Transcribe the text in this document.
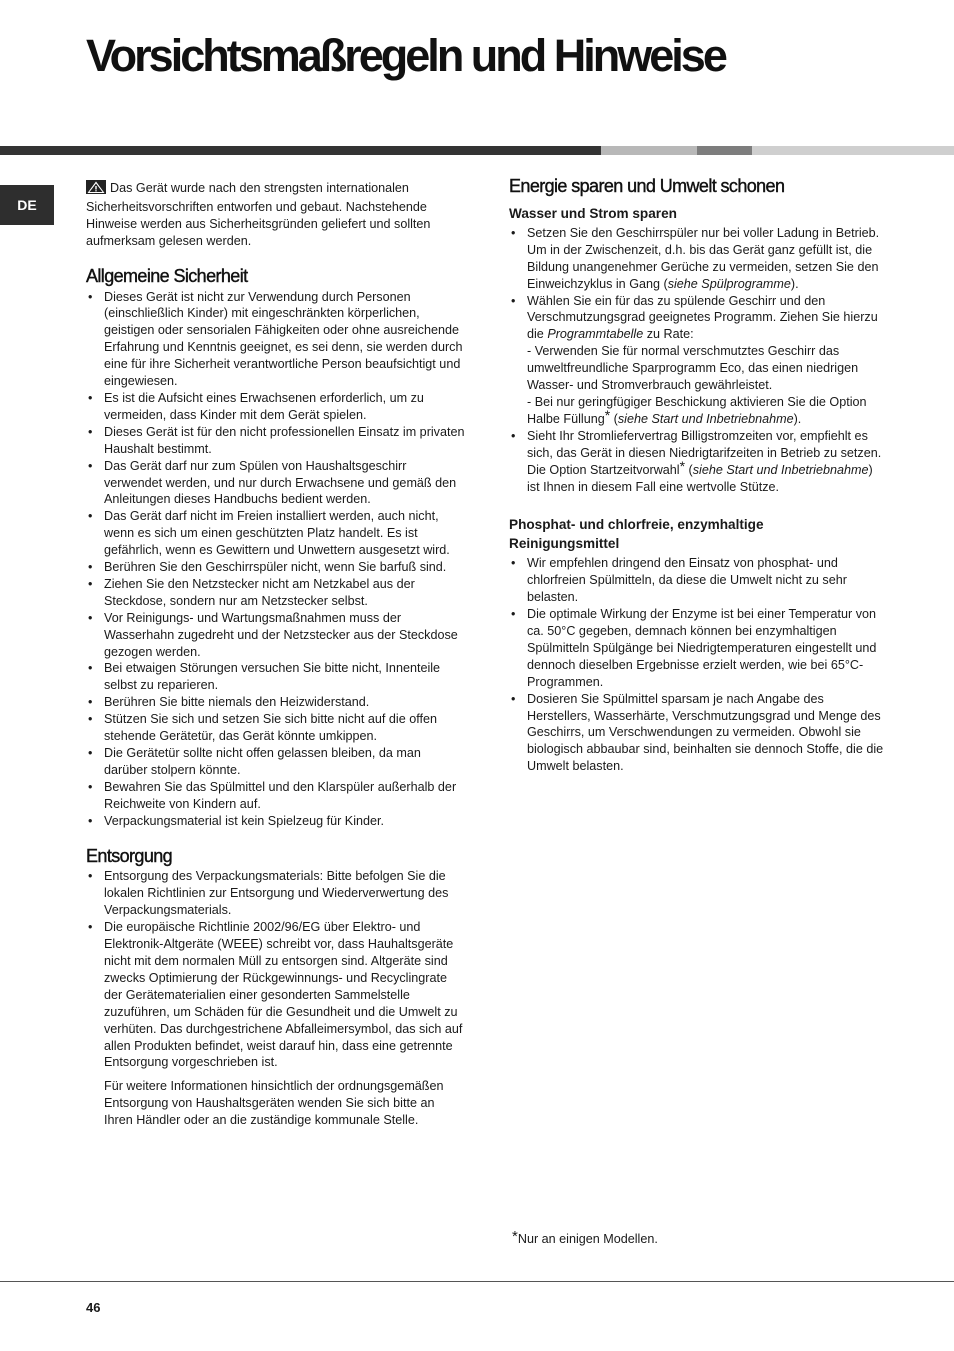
Vorsichtsmaßregeln und Hinweise
DE

Das Gerät wurde nach den strengsten internationalen Sicherheitsvorschriften entworfen und gebaut. Nachstehende Hinweise werden aus Sicherheitsgründen geliefert und sollten aufmerksam gelesen werden.

Allgemeine Sicherheit
• Dieses Gerät ist nicht zur Verwendung durch Personen (einschließlich Kinder) mit eingeschränkten körperlichen, geistigen oder sensorialen Fähigkeiten oder ohne ausreichende Erfahrung und Kenntnis geeignet, es sei denn, sie werden durch eine für ihre Sicherheit verantwortliche Person beaufsichtigt und eingewiesen.
• Es ist die Aufsicht eines Erwachsenen erforderlich, um zu vermeiden, dass Kinder mit dem Gerät spielen.
• Dieses Gerät ist für den nicht professionellen Einsatz im privaten Haushalt bestimmt.
• Das Gerät darf nur zum Spülen von Haushaltsgeschirr verwendet werden, und nur durch Erwachsene und gemäß den Anleitungen dieses Handbuchs bedient werden.
• Das Gerät darf nicht im Freien installiert werden, auch nicht, wenn es sich um einen geschützten Platz handelt. Es ist gefährlich, wenn es Gewittern und Unwettern ausgesetzt wird.
• Berühren Sie den Geschirrspüler nicht, wenn Sie barfuß sind.
• Ziehen Sie den Netzstecker nicht am Netzkabel aus der Steckdose, sondern nur am Netzstecker selbst.
• Vor Reinigungs- und Wartungsmaßnahmen muss der Wasserhahn zugedreht und der Netzstecker aus der Steckdose gezogen werden.
• Bei etwaigen Störungen versuchen Sie bitte nicht, Innenteile selbst zu reparieren.
• Berühren Sie bitte niemals den Heizwiderstand.
• Stützen Sie sich und setzen Sie sich bitte nicht auf die offen stehende Gerätetür, das Gerät könnte umkippen.
• Die Gerätetür sollte nicht offen gelassen bleiben, da man darüber stolpern könnte.
• Bewahren Sie das Spülmittel und den Klarspüler außerhalb der Reichweite von Kindern auf.
• Verpackungsmaterial ist kein Spielzeug für Kinder.
Entsorgung
• Entsorgung des Verpackungsmaterials: Bitte befolgen Sie die lokalen Richtlinien zur Entsorgung und Wiederverwertung des Verpackungsmaterials.
• Die europäische Richtlinie 2002/96/EG über Elektro- und Elektronik-Altgeräte (WEEE) schreibt vor, dass Hauhaltsgeräte nicht mit dem normalen Müll zu entsorgen sind. Altgeräte sind zwecks Optimierung der Rückgewinnungs- und Recyclingrate der Gerätematerialien einer gesonderten Sammelstelle zuzuführen, um Schäden für die Gesundheit und die Umwelt zu verhüten. Das durchgestrichene Abfalleimersymbol, das sich auf allen Produkten befindet, weist darauf hin, dass eine getrennte Entsorgung vorgeschrieben ist.

Für weitere Informationen hinsichtlich der ordnungsgemäßen Entsorgung von Haushaltsgeräten wenden Sie sich bitte an Ihren Händler oder an die zuständige kommunale Stelle.

Energie sparen und Umwelt schonen
Wasser und Strom sparen
• Setzen Sie den Geschirrspüler nur bei voller Ladung in Betrieb. Um in der Zwischenzeit, d.h. bis das Gerät ganz gefüllt ist, die Bildung unangenehmer Gerüche zu vermeiden, setzen Sie den Einweichzyklus in Gang (siehe Spülprogramme).
• Wählen Sie ein für das zu spülende Geschirr und den Verschmutzungsgrad geeignetes Programm. Ziehen Sie hierzu die Programmtabelle zu Rate:
- Verwenden Sie für normal verschmutztes Geschirr das umweltfreundliche Sparprogramm Eco, das einen niedrigen Wasser- und Stromverbrauch gewährleistet.
- Bei nur geringfügiger Beschickung aktivieren Sie die Option Halbe Füllung* (siehe Start und Inbetriebnahme).
• Sieht Ihr Stromliefervertrag Billigstromzeiten vor, empfiehlt es sich, das Gerät in diesen Niedrigtarifzeiten in Betrieb zu setzen. Die Option Startzeitvorwahl* (siehe Start und Inbetriebnahme) ist Ihnen in diesem Fall eine wertvolle Stütze.
Phosphat- und chlorfreie, enzymhaltige
Reinigungsmittel
• Wir empfehlen dringend den Einsatz von phosphat- und chlorfreien Spülmitteln, da diese die Umwelt nicht zu sehr belasten.
• Die optimale Wirkung der Enzyme ist bei einer Temperatur von ca. 50°C gegeben, demnach können bei enzymhaltigen Spülmitteln Spülgänge bei Niedrigtemperaturen eingestellt und dennoch dieselben Ergebnisse erzielt werden, wie bei 65°C-Programmen.
• Dosieren Sie Spülmittel sparsam je nach Angabe des Herstellers, Wasserhärte, Verschmutzungsgrad und Menge des Geschirrs, um Verschwendungen zu vermeiden. Obwohl sie biologisch abbaubar sind, beinhalten sie dennoch Stoffe, die die Umwelt belasten.
*Nur an einigen Modellen.
46
